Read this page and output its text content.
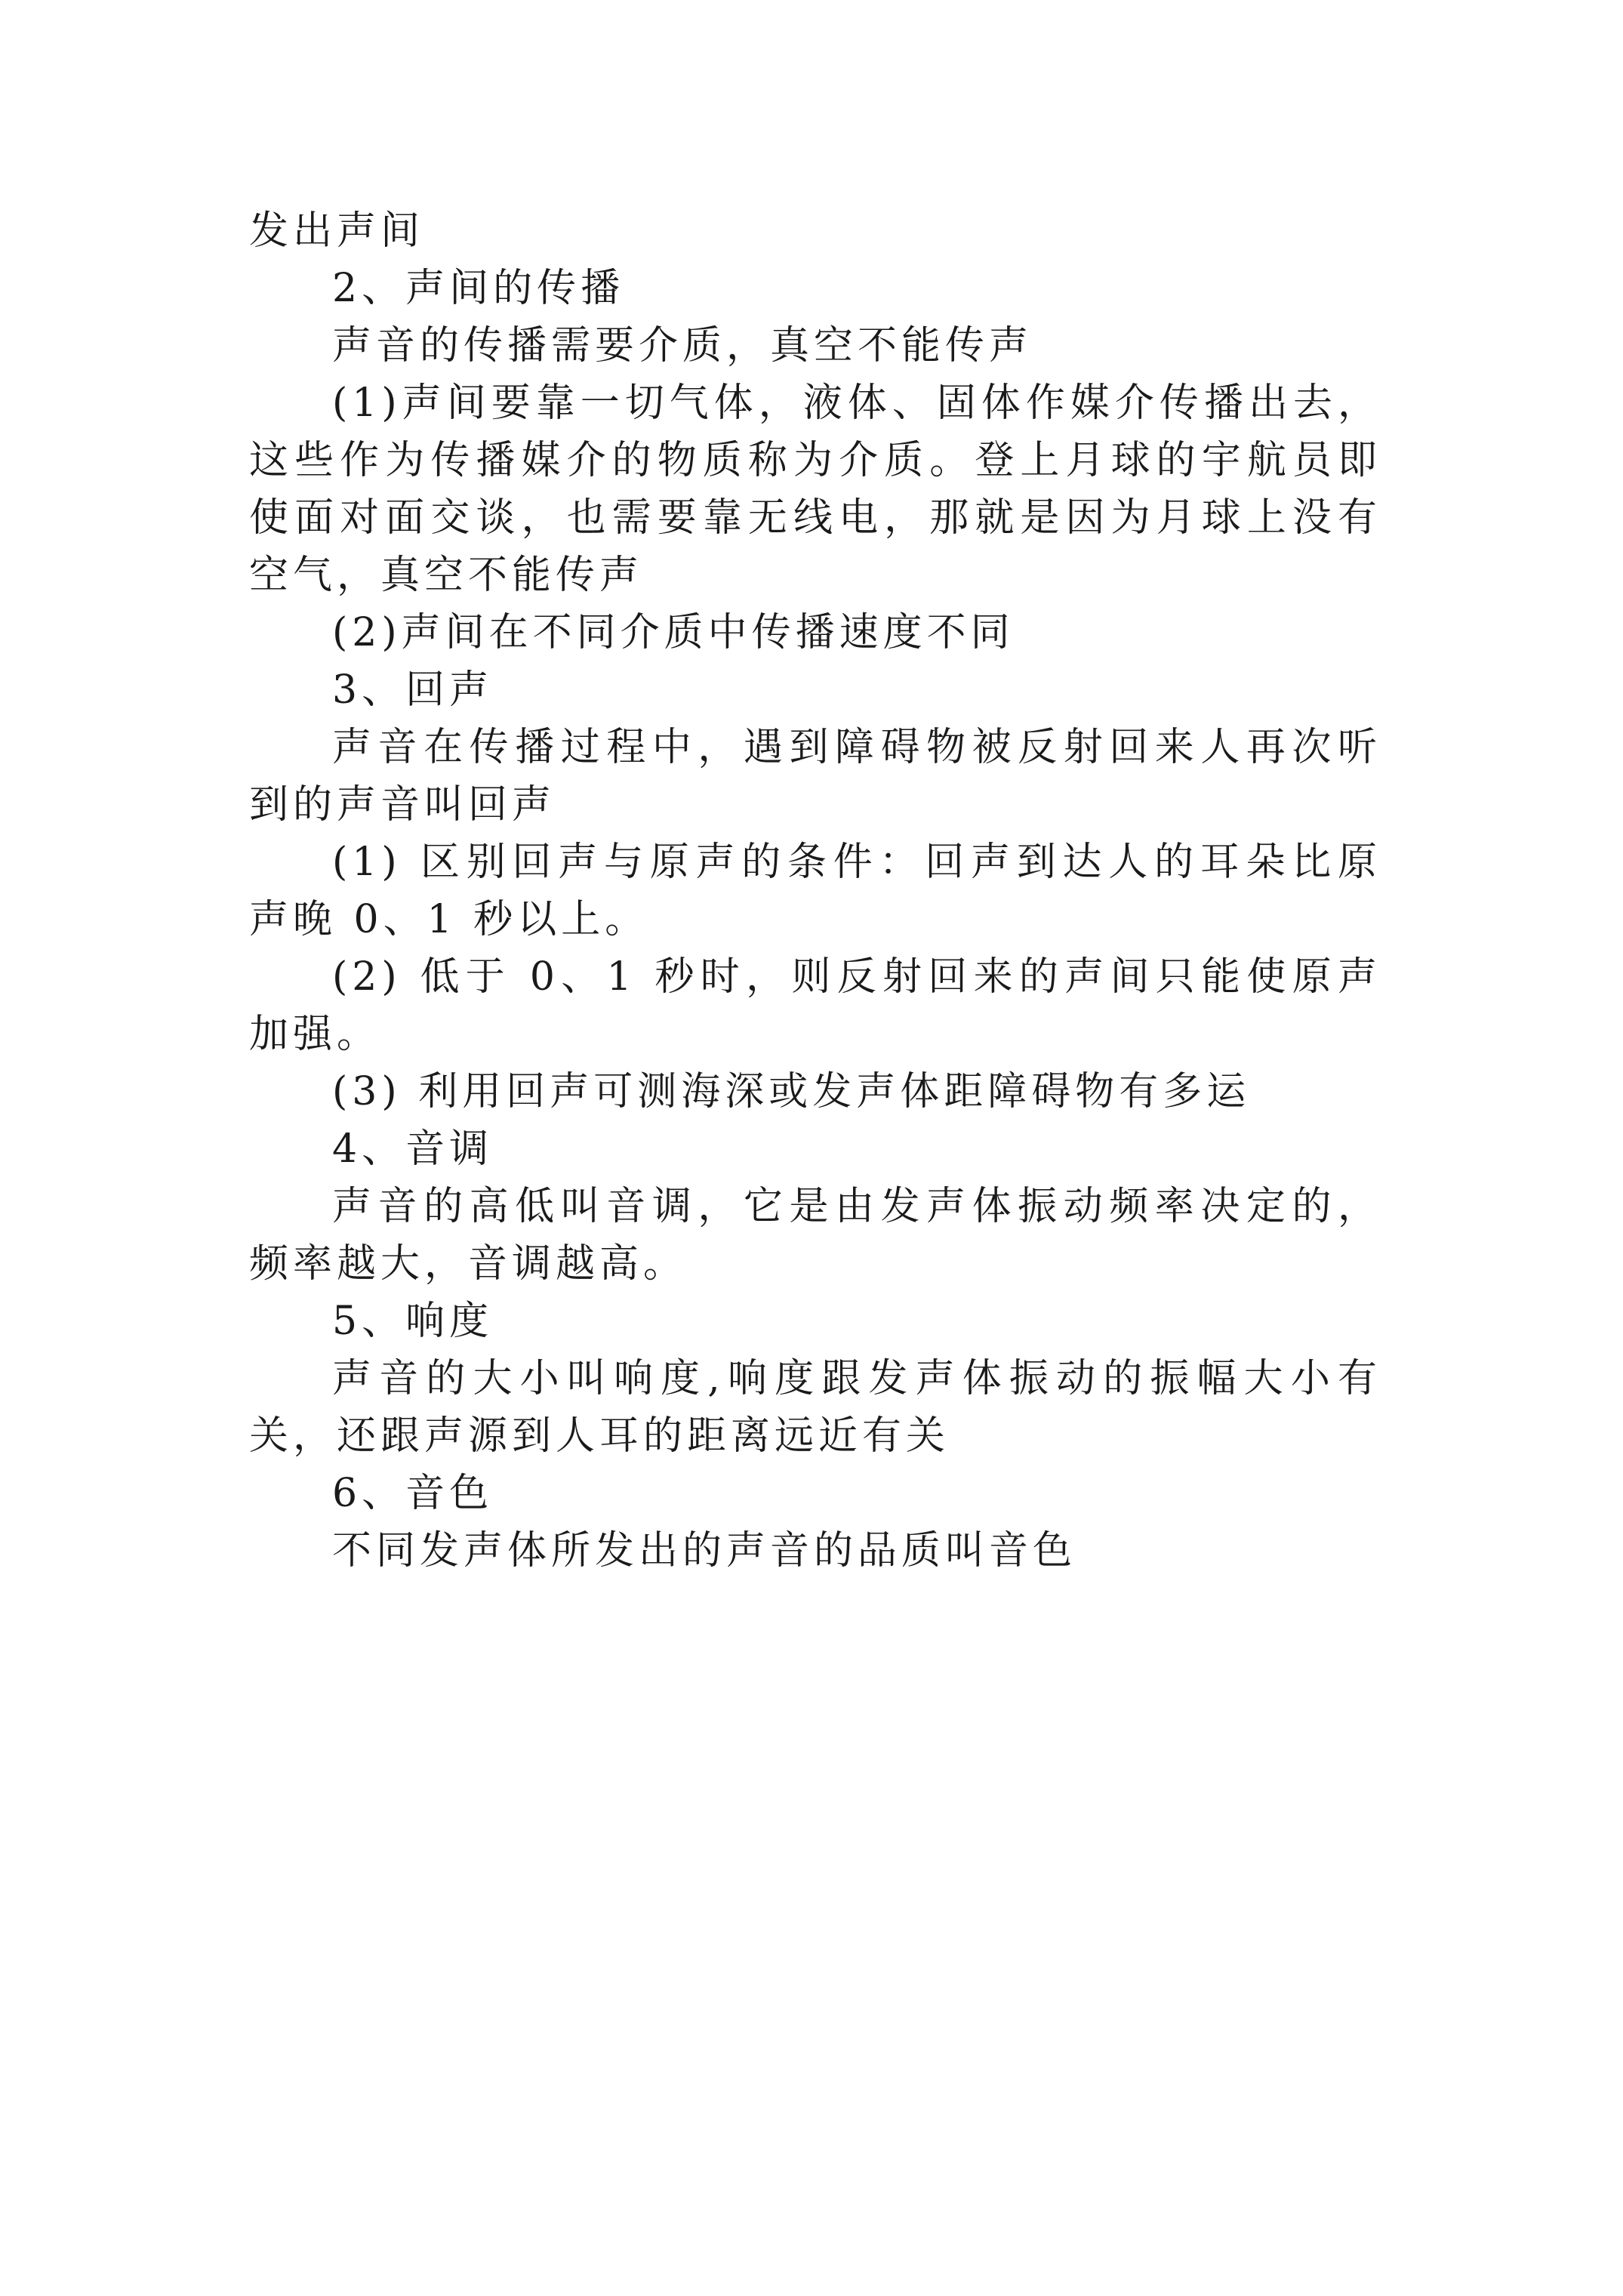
发出声间

2、声间的传播

声音的传播需要介质，真空不能传声

(1)声间要靠一切气体，液体、固体作媒介传播出去，这些作为传播媒介的物质称为介质。登上月球的宇航员即使面对面交谈，也需要靠无线电，那就是因为月球上没有空气，真空不能传声

(2)声间在不同介质中传播速度不同

3、回声

声音在传播过程中，遇到障碍物被反射回来人再次听到的声音叫回声

(1) 区别回声与原声的条件：回声到达人的耳朵比原声晚 0、1 秒以上。

(2) 低于 0、1 秒时，则反射回来的声间只能使原声加强。

(3) 利用回声可测海深或发声体距障碍物有多运

4、音调

声音的高低叫音调，它是由发声体振动频率决定的，频率越大，音调越高。

5、响度

声音的大小叫响度,响度跟发声体振动的振幅大小有关，还跟声源到人耳的距离远近有关

6、音色

不同发声体所发出的声音的品质叫音色
